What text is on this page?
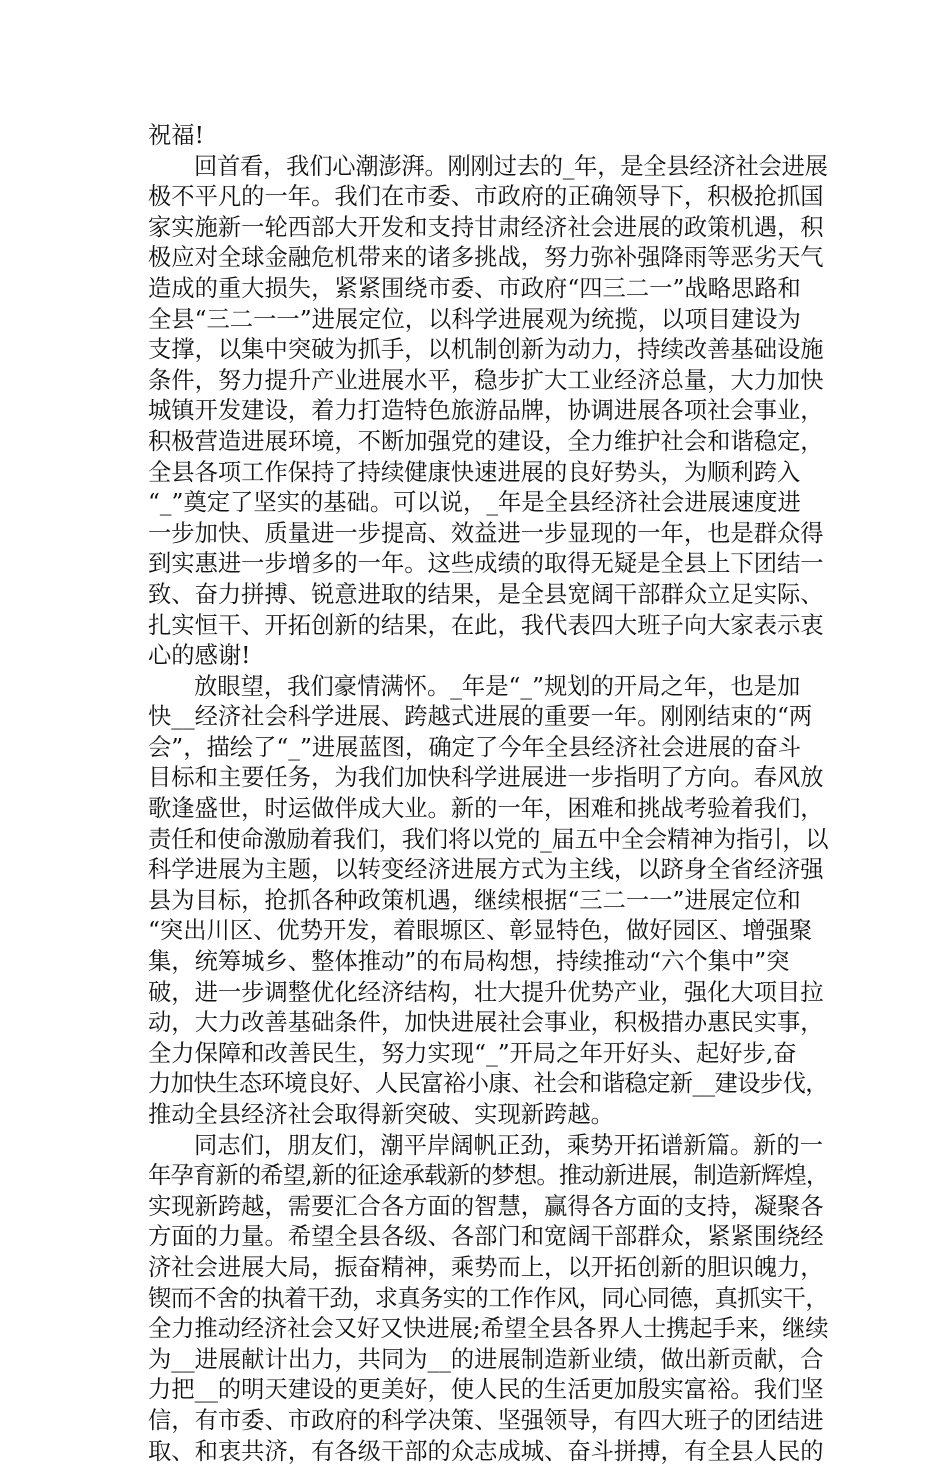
祝福!
回首看，我们心潮澎湃。刚刚过去的_年，是全县经济社会进展
极不平凡的一年。我们在市委、市政府的正确领导下，积极抢抓国
家实施新一轮西部大开发和支持甘肃经济社会进展的政策机遇，积
极应对全球金融危机带来的诸多挑战，努力弥补强降雨等恶劣天气
造成的重大损失，紧紧围绕市委、市政府“四三二一”战略思路和
全县“三二一一”进展定位，以科学进展观为统揽，以项目建设为
支撑，以集中突破为抓手，以机制创新为动力，持续改善基础设施
条件，努力提升产业进展水平，稳步扩大工业经济总量，大力加快
城镇开发建设，着力打造特色旅游品牌，协调进展各项社会事业，
积极营造进展环境，不断加强党的建设，全力维护社会和谐稳定，
全县各项工作保持了持续健康快速进展的良好势头，为顺利跨入
“_”奠定了坚实的基础。可以说，_年是全县经济社会进展速度进
一步加快、质量进一步提高、效益进一步显现的一年，也是群众得
到实惠进一步增多的一年。这些成绩的取得无疑是全县上下团结一
致、奋力拼搏、锐意进取的结果，是全县宽阔干部群众立足实际、
扎实恒干、开拓创新的结果，在此，我代表四大班子向大家表示衷
心的感谢!
放眼望，我们豪情满怀。_年是“_”规划的开局之年，也是加
快__经济社会科学进展、跨越式进展的重要一年。刚刚结束的“两
会”，描绘了“_”进展蓝图，确定了今年全县经济社会进展的奋斗
目标和主要任务，为我们加快科学进展进一步指明了方向。春风放
歌逢盛世，时运做伴成大业。新的一年，困难和挑战考验着我们，
责任和使命激励着我们，我们将以党的_届五中全会精神为指引，以
科学进展为主题，以转变经济进展方式为主线，以跻身全省经济强
县为目标，抢抓各种政策机遇，继续根据“三二一一”进展定位和
“突出川区、优势开发，着眼塬区、彰显特色，做好园区、增强聚
集，统筹城乡、整体推动”的布局构想，持续推动“六个集中”突
破，进一步调整优化经济结构，壮大提升优势产业，强化大项目拉
动，大力改善基础条件，加快进展社会事业，积极措办惠民实事，
全力保障和改善民生，努力实现“_”开局之年开好头、起好步,奋
力加快生态环境良好、人民富裕小康、社会和谐稳定新__建设步伐，
推动全县经济社会取得新突破、实现新跨越。
同志们，朋友们，潮平岸阔帆正劲，乘势开拓谱新篇。新的一
年孕育新的希望,新的征途承载新的梦想。推动新进展，制造新辉煌，
实现新跨越，需要汇合各方面的智慧，赢得各方面的支持，凝聚各
方面的力量。希望全县各级、各部门和宽阔干部群众，紧紧围绕经
济社会进展大局，振奋精神，乘势而上，以开拓创新的胆识魄力，
锲而不舍的执着干劲，求真务实的工作作风，同心同德，真抓实干，
全力推动经济社会又好又快进展;希望全县各界人士携起手来，继续
为__进展献计出力，共同为__的进展制造新业绩，做出新贡献，合
力把__的明天建设的更美好，使人民的生活更加殷实富裕。我们坚
信，有市委、市政府的科学决策、坚强领导，有四大班子的团结进
取、和衷共济，有各级干部的众志成城、奋斗拼搏，有全县人民的
